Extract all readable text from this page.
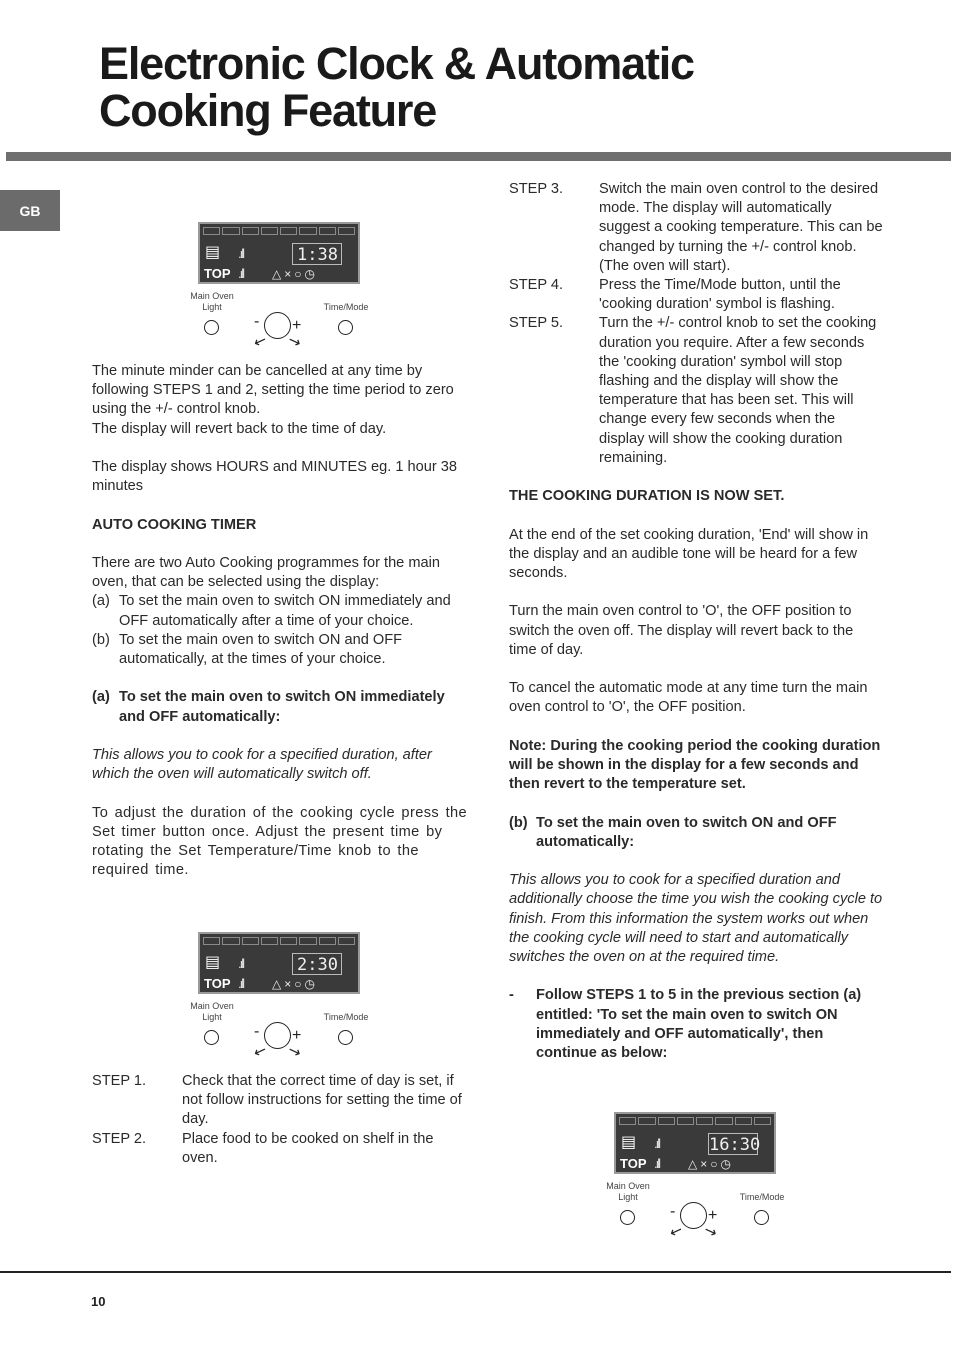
Electronic Clock & Automatic
Cooking Feature
GB
▤ .ıll	1:38
TOP .ıll △×○◷
Main Oven Light	Time/Mode
- +
↙ ↘

The minute minder can be cancelled at any time by following STEPS 1 and 2, setting the time period to zero using the +/- control knob.

The display will revert back to the time of day.

The display shows HOURS and MINUTES eg. 1 hour 38 minutes

AUTO COOKING TIMER

There are two Auto Cooking programmes for the main oven, that can be selected using the display:

(a) To set the main oven to switch ON immediately and OFF automatically after a time of your choice.
(b) To set the main oven to switch ON and OFF automatically, at the times of your choice.
(a) To set the main oven to switch ON immediately and OFF automatically:

This allows you to cook for a specified duration, after which the oven will automatically switch off.

To adjust the duration of the cooking cycle press the Set timer button once. Adjust the present time by rotating the Set Temperature/Time knob to the required time.

▤ .ıll	2:30
TOP .ıll △×○◷
Main Oven Light	Time/Mode
- +
↙ ↘
STEP 1.	Check that the correct time of day is set, if not follow instructions for setting the time of day.
STEP 2.	Place food to be cooked on shelf in the oven.
STEP 3.	Switch the main oven control to the desired mode. The display will automatically suggest a cooking temperature. This can be changed by turning the +/- control knob. (The oven will start).
STEP 4.	Press the Time/Mode button, until the 'cooking duration' symbol is flashing.
STEP 5.	Turn the +/- control knob to set the cooking duration you require. After a few seconds the 'cooking duration' symbol will stop flashing and the display will show the temperature that has been set. This will change every few seconds when the display will show the cooking duration remaining.

THE COOKING DURATION IS NOW SET.

At the end of the set cooking duration, 'End' will show in the display and an audible tone will be heard for a few seconds.

Turn the main oven control to 'O', the OFF position to switch the oven off. The display will revert back to the time of day.

To cancel the automatic mode at any time turn the main oven control to 'O', the OFF position.

Note: During the cooking period the cooking duration will be shown in the display for a few seconds and then revert to the temperature set.

(b) To set the main oven to switch ON and OFF automatically:

This allows you to cook for a specified duration and additionally choose the time you wish the cooking cycle to finish. From this information the system works out when the cooking cycle will need to start and automatically switches the oven on at the required time.

-	Follow STEPS 1 to 5 in the previous section (a) entitled: 'To set the main oven to switch ON immediately and OFF automatically', then continue as below:
▤ .ıll	16:30
TOP .ıll △×○◷
Main Oven Light	Time/Mode
- +
↙ ↘
10
